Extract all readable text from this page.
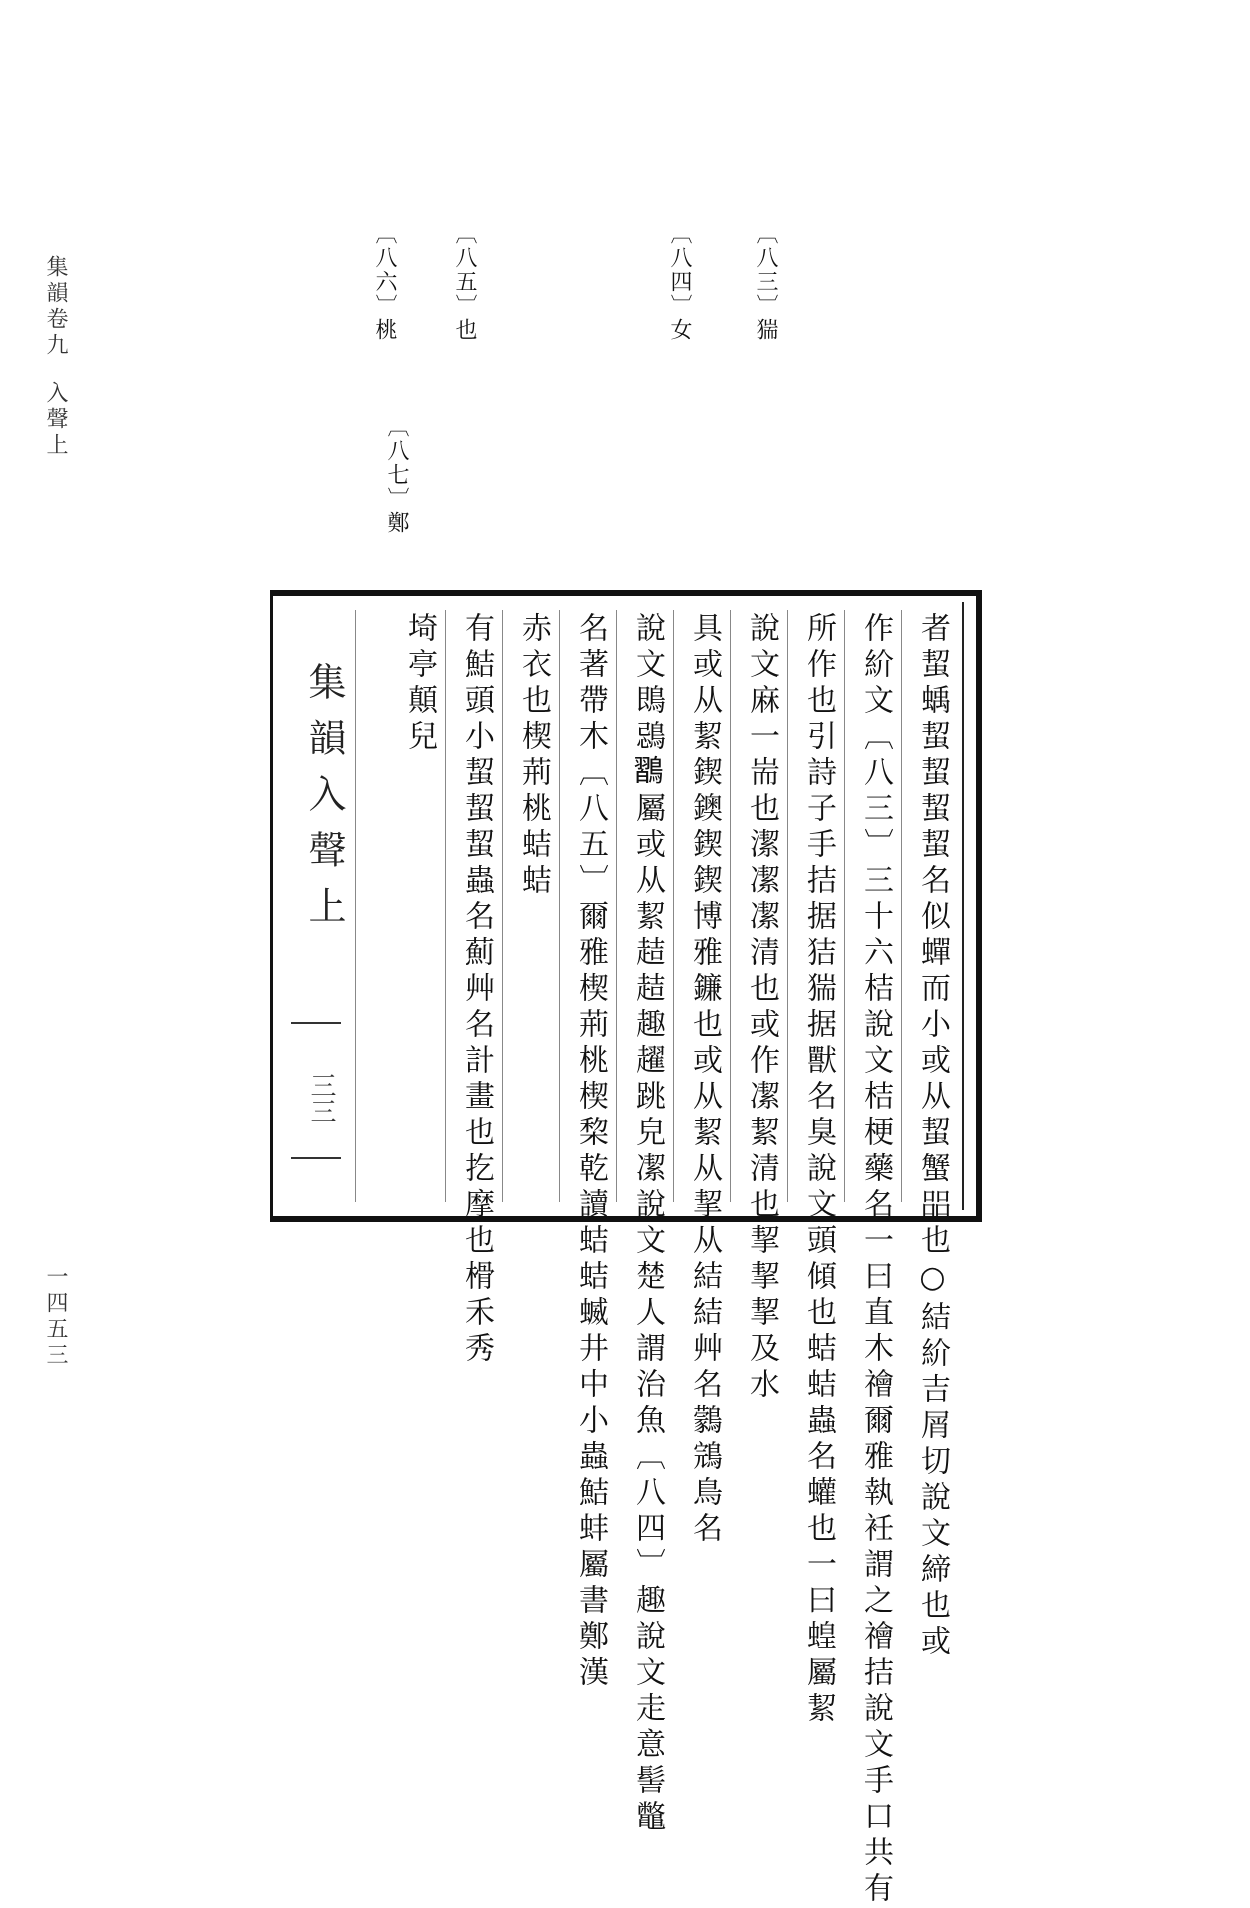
集韻卷九入聲上
一四五三
〔八三〕猯
〔八四〕女
〔八五〕也
〔八六〕桃
〔八七〕鄭
者蛪蝺蛪蛪蛪蛪名似蟬而小或从蛪蟹㗊也○結紒吉屑切說文締也或
作紒文〔八三〕三十六桔說文桔梗藥名一曰直木禬爾雅執衽謂之禬拮說文手口共有
所作也引詩子手拮据狤猯据獸名臭說文頭傾也蛣蛣蟲名蠸也一曰蝗屬絜
說文麻一耑也潔㓗㓗清也或作㓗絜清也挈挈挈及水
具或从絜鍥鐭鍥鍥博雅鐮也或从絜从挈从結結艸名鸏鵍鳥名
說文鵖鵋𪄶屬或从絜趌趌趣趯跳皃㓗說文楚人謂治魚〔八四〕趣說文走意髻鼈
名著帶木〔八五〕爾雅楔荊桃楔棃乾讀蛣蛣蝛井中小蟲鮚蚌屬書鄭漢
赤衣也楔荊桃蛣蛣
有鮚頭小蛪蛪蛪蟲名薊艸名計畫也扢摩也榾禾秀
埼亭顛兒
集韻入聲上
三三
